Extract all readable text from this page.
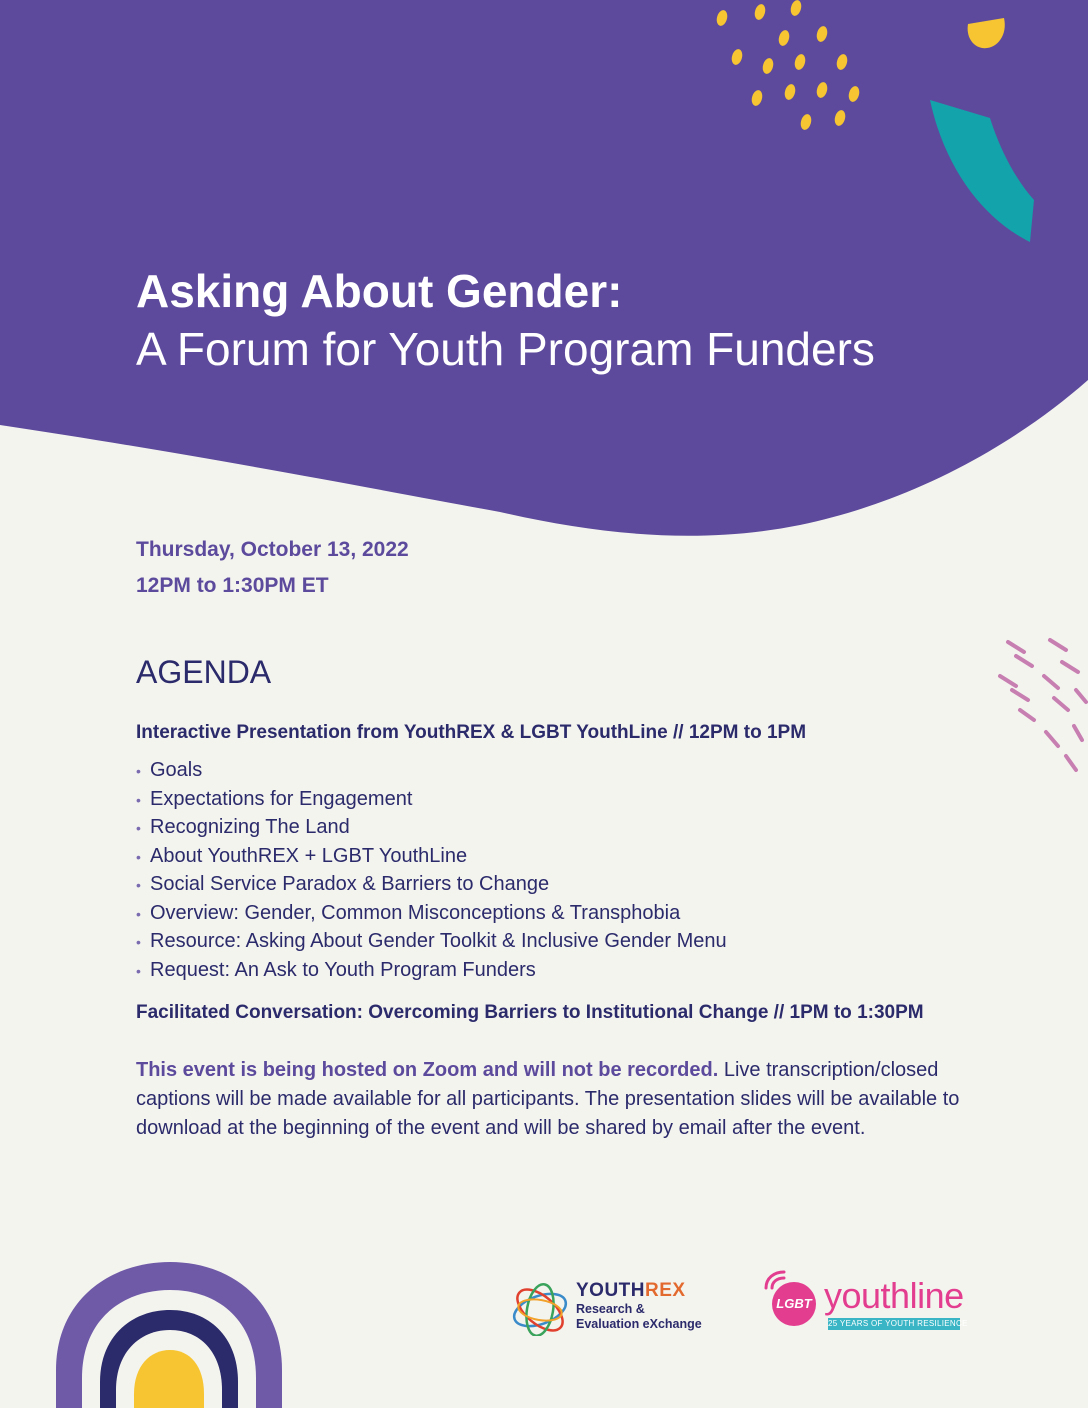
Asking About Gender:
A Forum for Youth Program Funders
Thursday, October 13, 2022
12PM to 1:30PM ET
AGENDA
Interactive Presentation from YouthREX & LGBT YouthLine // 12PM to 1PM
• Goals
• Expectations for Engagement
• Recognizing The Land
• About YouthREX + LGBT YouthLine
• Social Service Paradox & Barriers to Change
• Overview: Gender, Common Misconceptions & Transphobia
• Resource: Asking About Gender Toolkit & Inclusive Gender Menu
• Request: An Ask to Youth Program Funders
Facilitated Conversation: Overcoming Barriers to Institutional Change // 1PM to 1:30PM
This event is being hosted on Zoom and will not be recorded. Live transcription/closed captions will be made available for all participants. The presentation slides will be available to download at the beginning of the event and will be shared by email after the event.
YOUTHREX
Research &
Evaluation eXchange
LGBT youthline
25 YEARS OF YOUTH RESILIENCE
